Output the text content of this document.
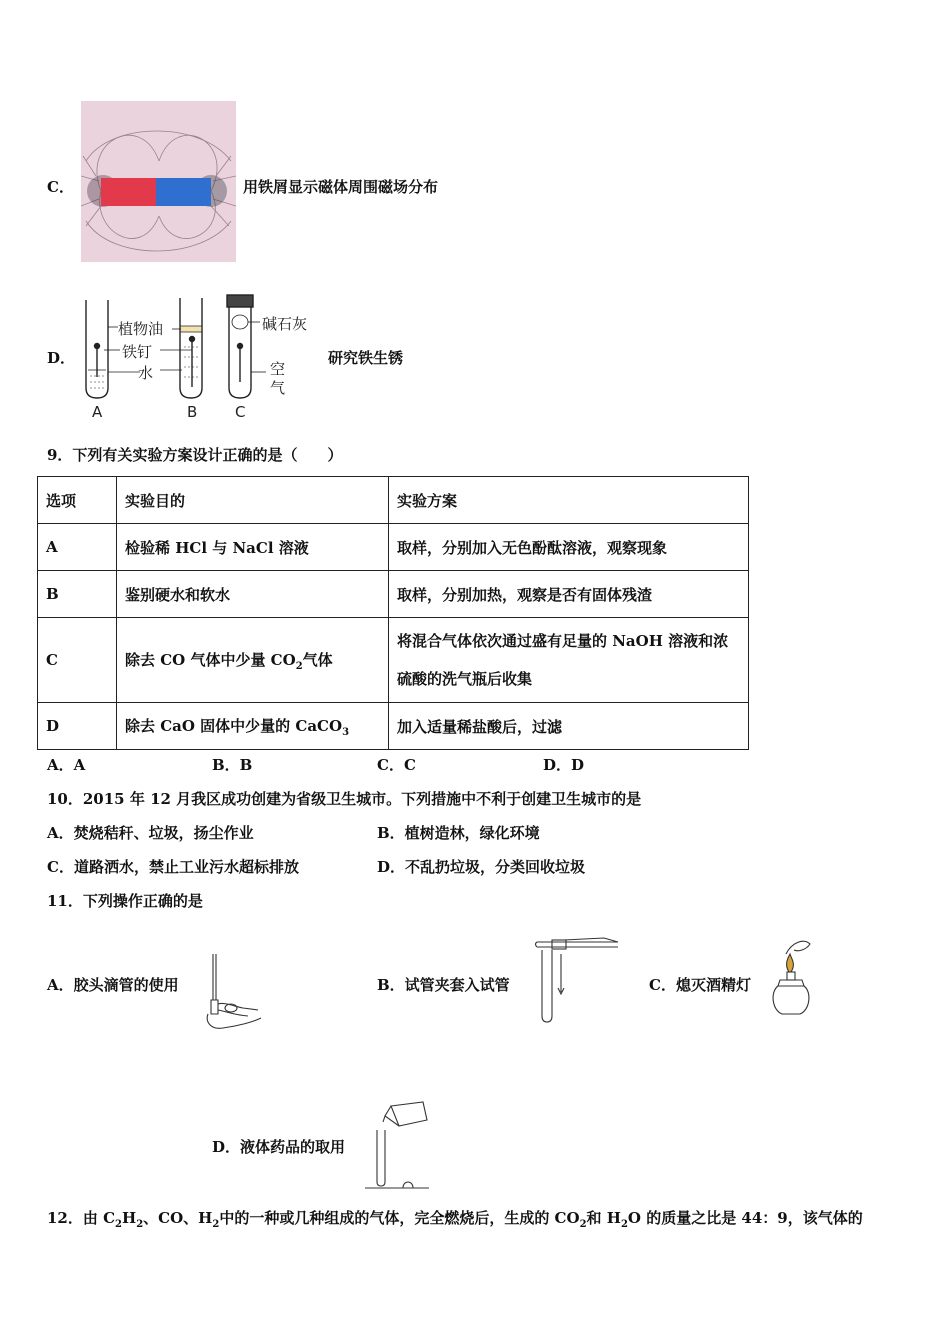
C．	用铁屑显示磁体周围磁场分布
D．
植物油
铁钉
水
碱石灰
空
气
A	B	C
研究铁生锈
9．下列有关实验方案设计正确的是（　　）
选项	实验目的	实验方案
A	检验稀 HCl 与 NaCl 溶液	取样，分别加入无色酚酞溶液，观察现象
B	鉴别硬水和软水	取样，分别加热，观察是否有固体残渣
C	除去 CO 气体中少量 $CO_2$气体	将混合气体依次通过盛有足量的 NaOH 溶液和浓硫酸的洗气瓶后收集
D	除去 CaO 固体中少量的 CaCO$_3$	加入适量稀盐酸后，过滤
A．A	B．B	C．C	D．D
10．2015 年 12 月我区成功创建为省级卫生城市。下列措施中不利于创建卫生城市的是
A．焚烧秸秆、垃圾，扬尘作业	B．植树造林，绿化环境
C．道路洒水，禁止工业污水超标排放	D．不乱扔垃圾，分类回收垃圾
11．下列操作正确的是
A．胶头滴管的使用	B．试管夹套入试管	C．熄灭酒精灯
D．液体药品的取用
12．由 $C_2H_2$、CO、$H_2$中的一种或几种组成的气体，完全燃烧后，生成的 $CO_2$和 $H_2O$ 的质量之比是 44：9，该气体的
